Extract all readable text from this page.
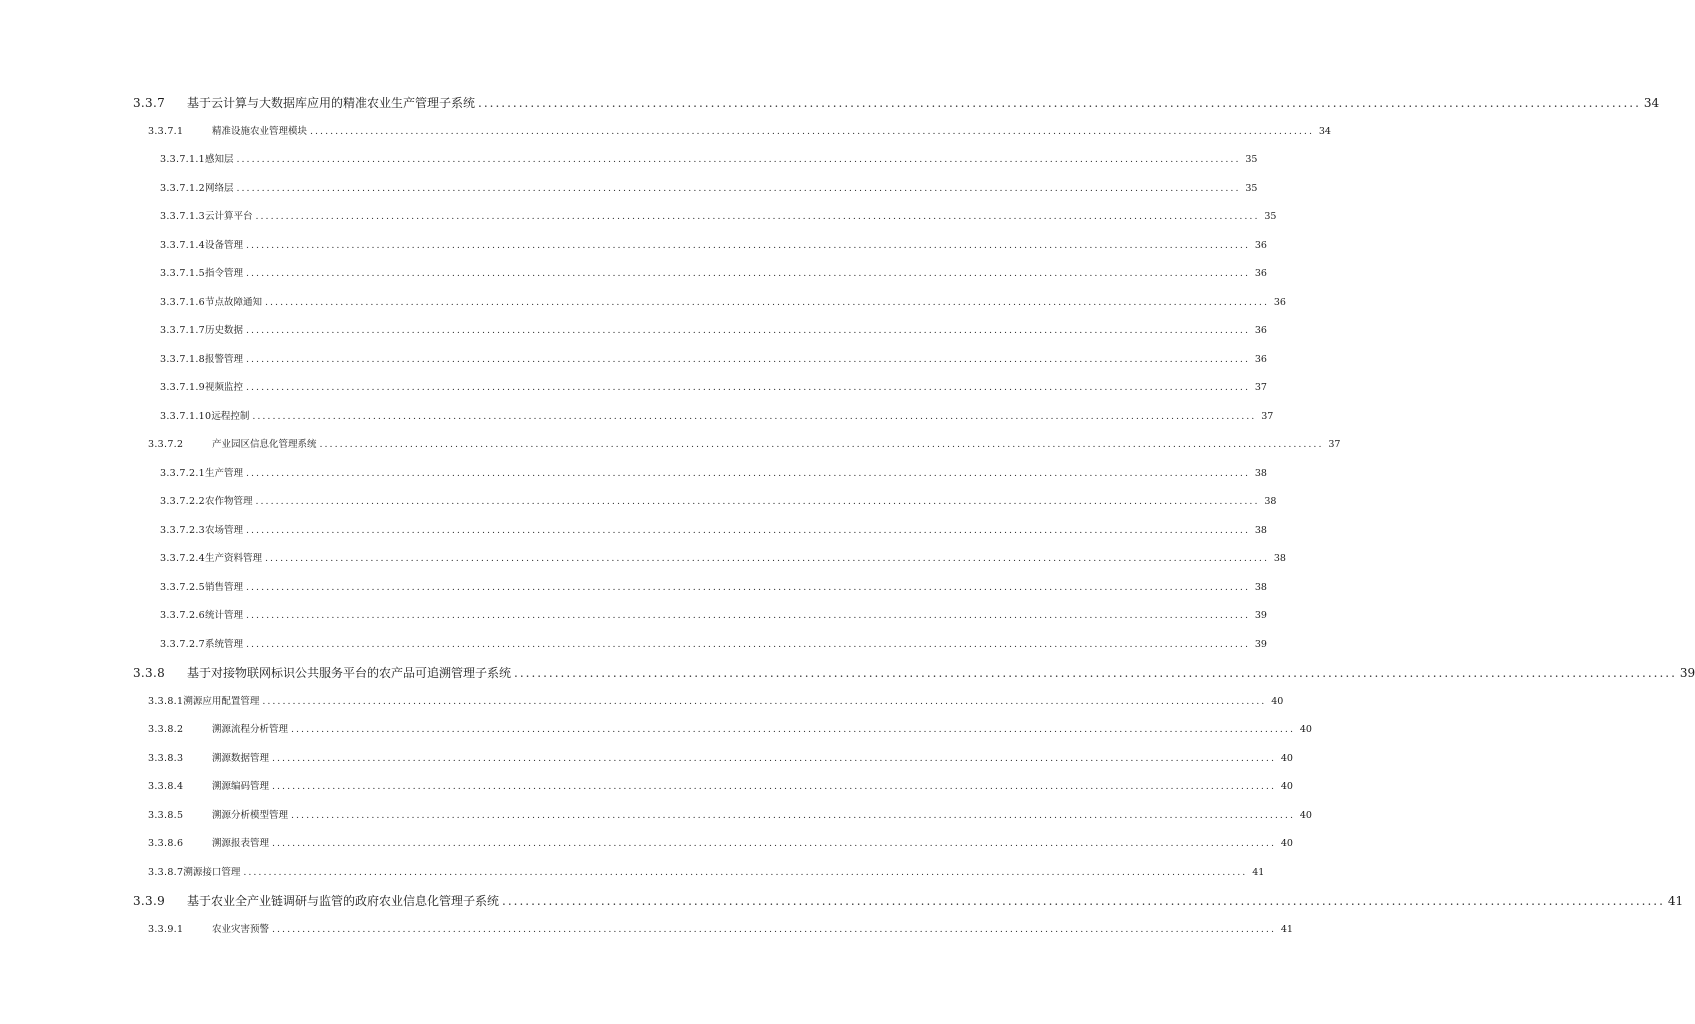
3.3.7	基于云计算与大数据库应用的精准农业生产管理子系统 ........................................................................................................................................................................................................ 34
3.3.7.1	精准设施农业管理模块 ........................................................................................................................................................................................................ 34
3.3.7.1.1 感知层 ........................................................................................................................................................................................................ 35
3.3.7.1.2 网络层 ........................................................................................................................................................................................................ 35
3.3.7.1.3 云计算平台 ........................................................................................................................................................................................................ 35
3.3.7.1.4 设备管理 ........................................................................................................................................................................................................ 36
3.3.7.1.5 指令管理 ........................................................................................................................................................................................................ 36
3.3.7.1.6 节点故障通知 ........................................................................................................................................................................................................ 36
3.3.7.1.7 历史数据 ........................................................................................................................................................................................................ 36
3.3.7.1.8 报警管理 ........................................................................................................................................................................................................ 36
3.3.7.1.9 视频监控 ........................................................................................................................................................................................................ 37
3.3.7.1.10 远程控制 ........................................................................................................................................................................................................ 37
3.3.7.2	产业园区信息化管理系统 ........................................................................................................................................................................................................ 37
3.3.7.2.1 生产管理 ........................................................................................................................................................................................................ 38
3.3.7.2.2 农作物管理 ........................................................................................................................................................................................................ 38
3.3.7.2.3 农场管理 ........................................................................................................................................................................................................ 38
3.3.7.2.4 生产资料管理 ........................................................................................................................................................................................................ 38
3.3.7.2.5 销售管理 ........................................................................................................................................................................................................ 38
3.3.7.2.6 统计管理 ........................................................................................................................................................................................................ 39
3.3.7.2.7 系统管理 ........................................................................................................................................................................................................ 39
3.3.8	基于对接物联网标识公共服务平台的农产品可追溯管理子系统 ........................................................................................................................................................................................................ 39
3.3.8.1 溯源应用配置管理 ........................................................................................................................................................................................................ 40
3.3.8.2	溯源流程分析管理 ........................................................................................................................................................................................................ 40
3.3.8.3	溯源数据管理 ........................................................................................................................................................................................................ 40
3.3.8.4	溯源编码管理 ........................................................................................................................................................................................................ 40
3.3.8.5	溯源分析模型管理 ........................................................................................................................................................................................................ 40
3.3.8.6	溯源报表管理 ........................................................................................................................................................................................................ 40
3.3.8.7 溯源接口管理 ........................................................................................................................................................................................................ 41
3.3.9	基于农业全产业链调研与监管的政府农业信息化管理子系统 ........................................................................................................................................................................................................ 41
3.3.9.1	农业灾害预警 ........................................................................................................................................................................................................ 41
